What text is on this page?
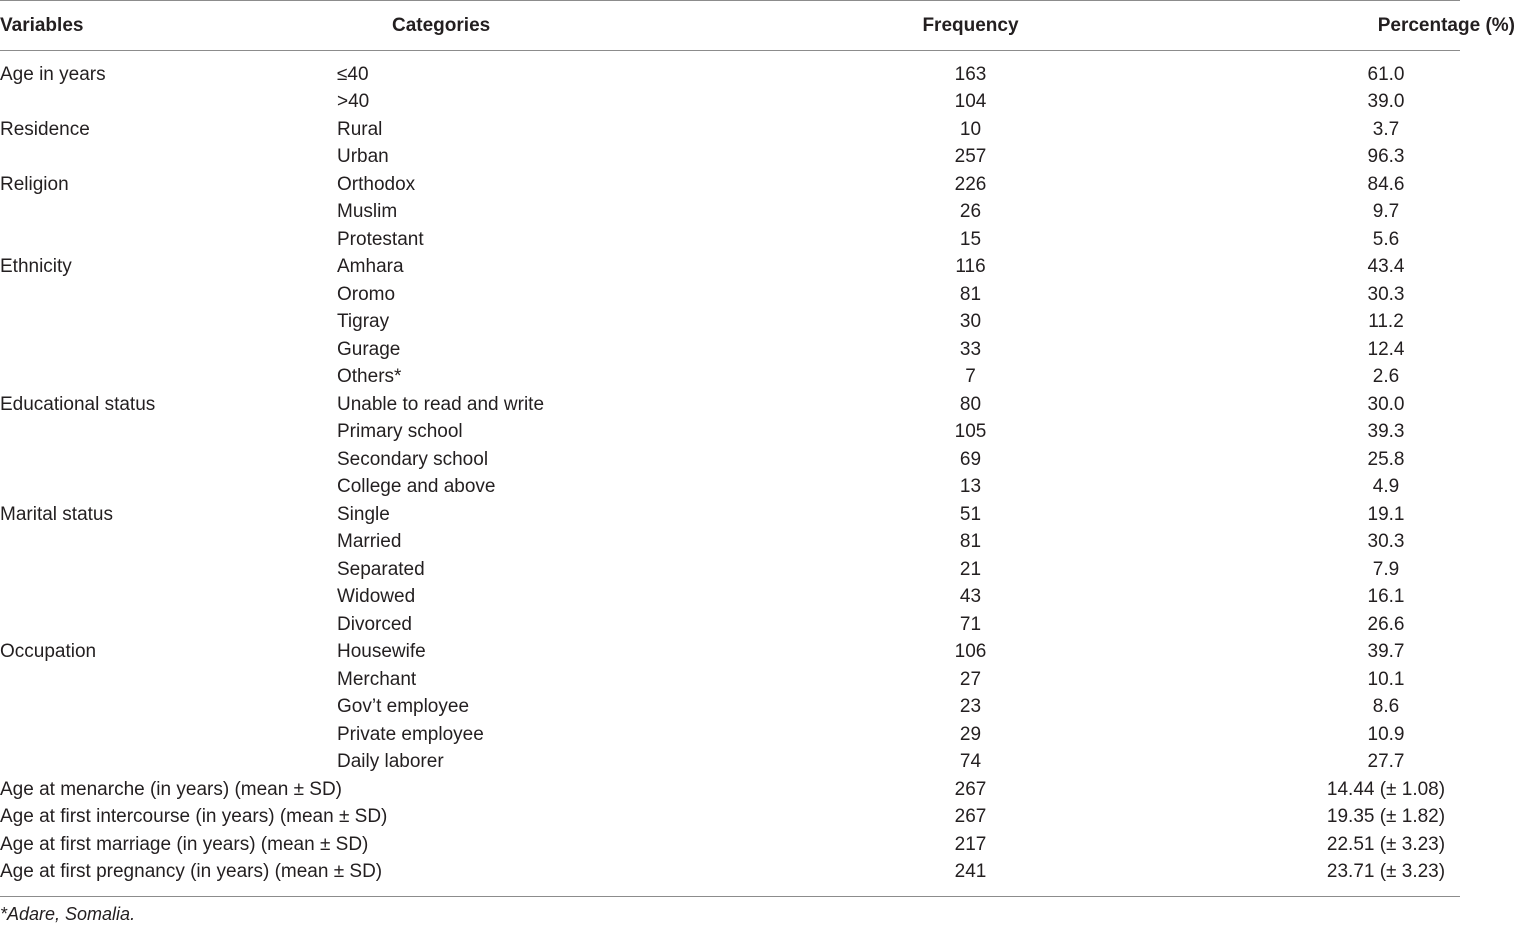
Variables	Categories	Frequency	Percentage (%)
Age in years	≤40	163	61.0
	>40	104	39.0
Residence	Rural	10	3.7
	Urban	257	96.3
Religion	Orthodox	226	84.6
	Muslim	26	9.7
	Protestant	15	5.6
Ethnicity	Amhara	116	43.4
	Oromo	81	30.3
	Tigray	30	11.2
	Gurage	33	12.4
	Others*	7	2.6
Educational status	Unable to read and write	80	30.0
	Primary school	105	39.3
	Secondary school	69	25.8
	College and above	13	4.9
Marital status	Single	51	19.1
	Married	81	30.3
	Separated	21	7.9
	Widowed	43	16.1
	Divorced	71	26.6
Occupation	Housewife	106	39.7
	Merchant	27	10.1
	Gov’t employee	23	8.6
	Private employee	29	10.9
	Daily laborer	74	27.7
Age at menarche (in years) (mean ± SD)		267	14.44 (± 1.08)
Age at first intercourse (in years) (mean ± SD)		267	19.35 (± 1.82)
Age at first marriage (in years) (mean ± SD)		217	22.51 (± 3.23)
Age at first pregnancy (in years) (mean ± SD)		241	23.71 (± 3.23)
*Adare, Somalia.
